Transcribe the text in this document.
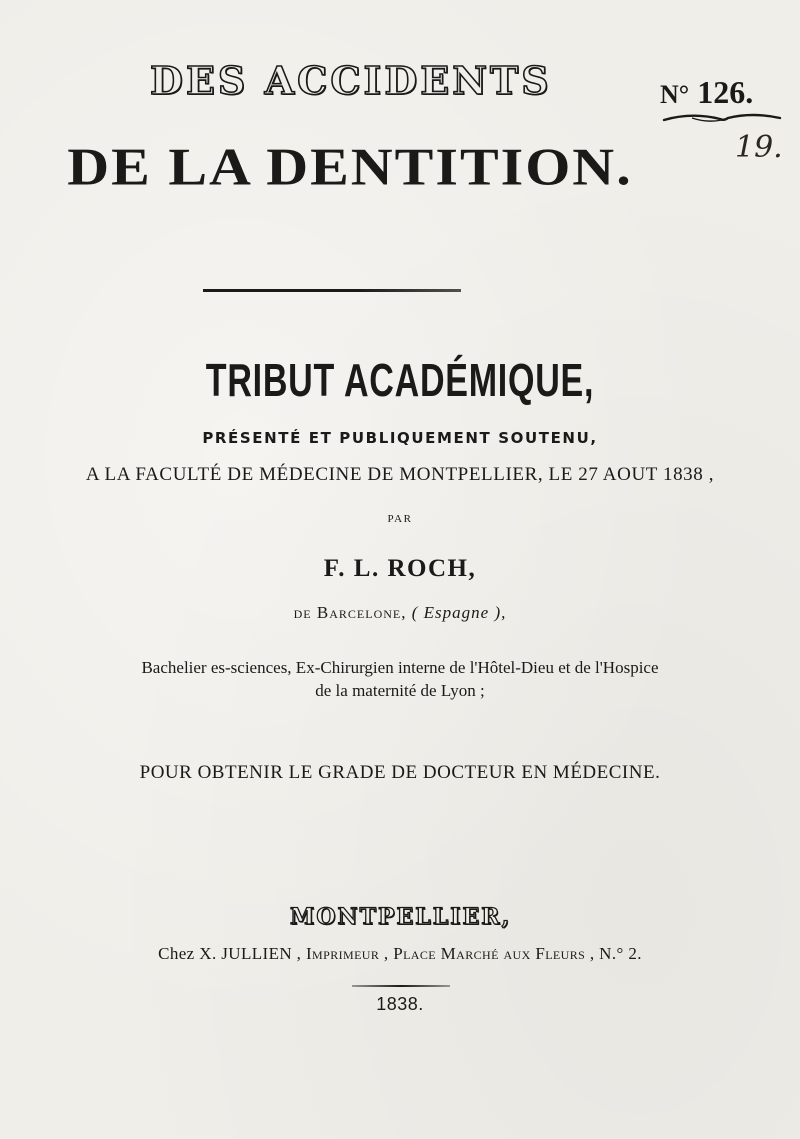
DES ACCIDENTS	N° 126.
19.
DE LA DENTITION.
TRIBUT ACADÉMIQUE,
PRÉSENTÉ ET PUBLIQUEMENT SOUTENU,
A LA FACULTÉ DE MÉDECINE DE MONTPELLIER, LE 27 AOUT 1838 ,
PAR
F. L. ROCH,
DE Barcelone, ( Espagne ),
Bachelier es-sciences, Ex-Chirurgien interne de l'Hôtel-Dieu et de l'Hospice
de la maternité de Lyon ;
POUR OBTENIR LE GRADE DE DOCTEUR EN MÉDECINE.
MONTPELLIER,
Chez X. JULLIEN , Imprimeur , Place Marché aux Fleurs , N.° 2.
1838.
